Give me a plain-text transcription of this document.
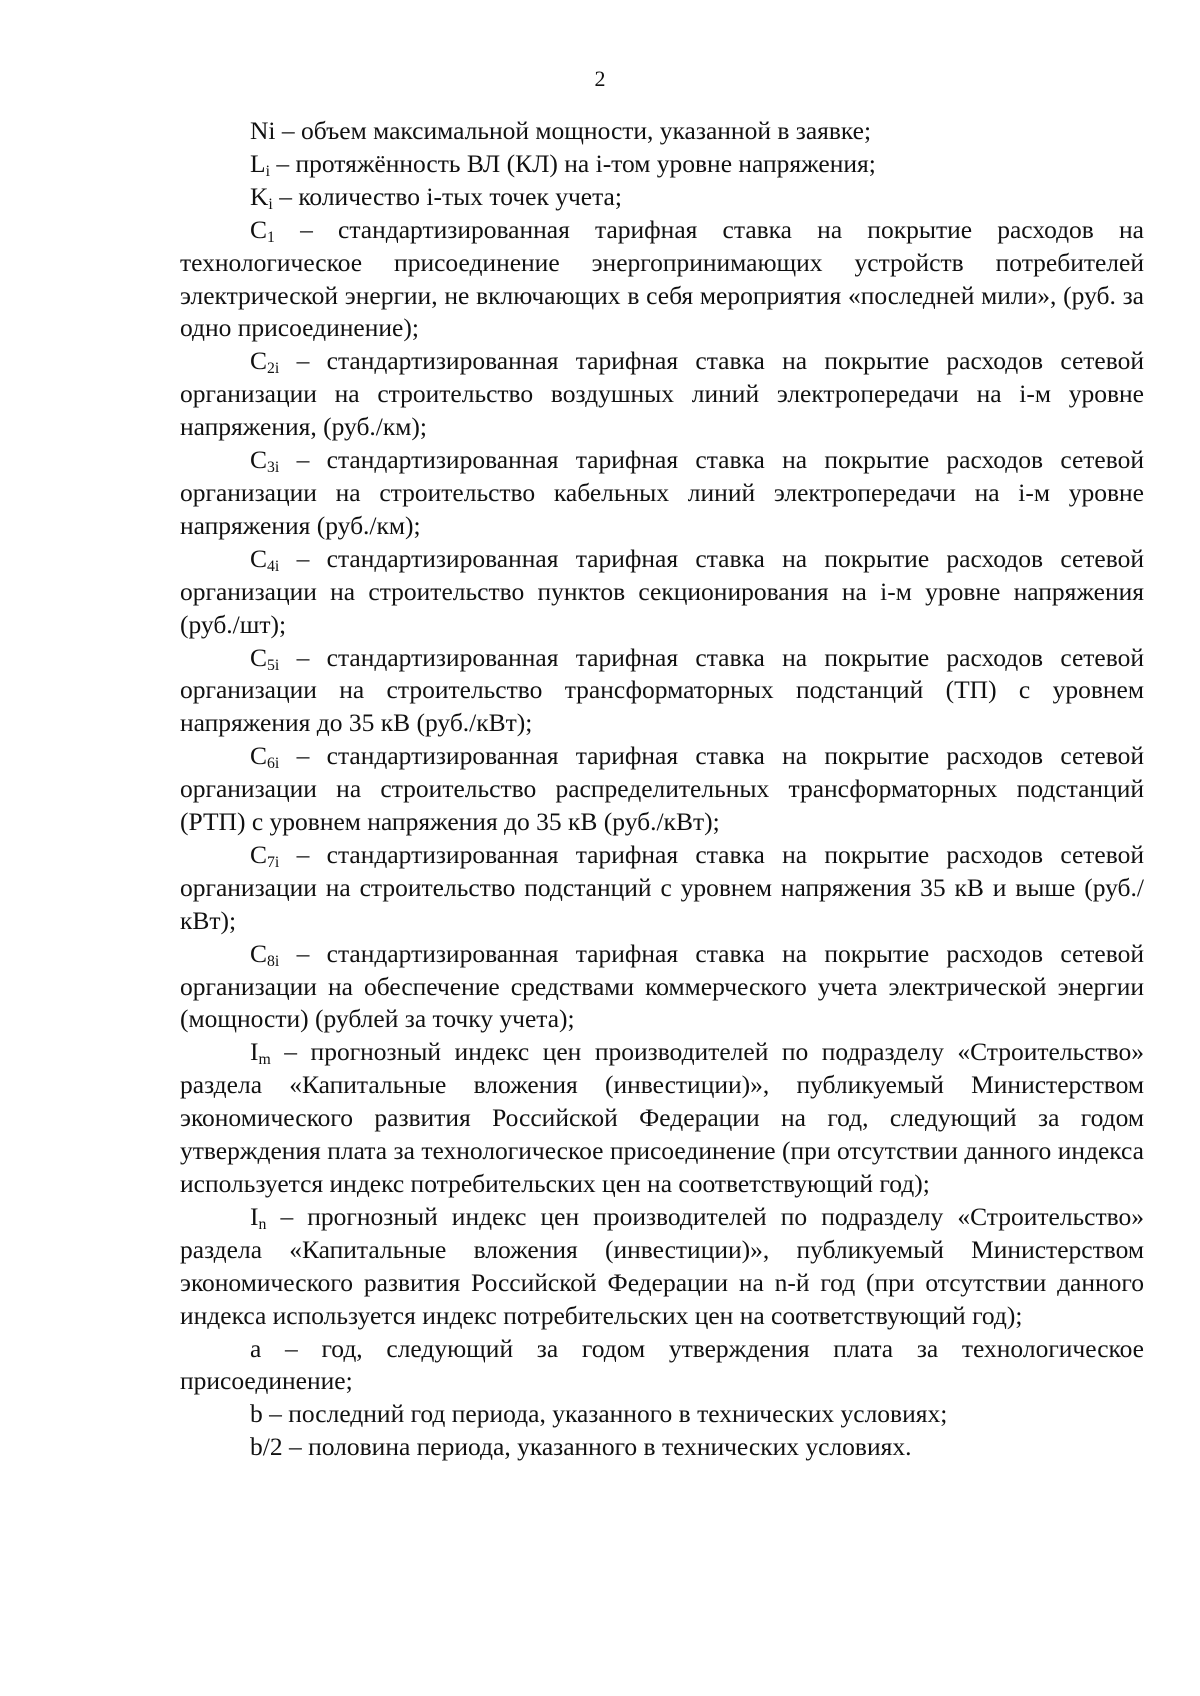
2

Ni – объем максимальной мощности, указанной в заявке;

$L_i$ – протяжённость ВЛ (КЛ) на i-том уровне напряжения;

$K_i$ – количество i-тых точек учета;

$C_1$ – стандартизированная тарифная ставка на покрытие расходов на технологическое присоединение энергопринимающих устройств потребителей электрической энергии, не включающих в себя мероприятия «последней мили», (руб. за одно присоединение);

$C_{2i}$ – стандартизированная тарифная ставка на покрытие расходов сетевой организации на строительство воздушных линий электропередачи на i-м уровне напряжения, (руб./км);

$C_{3i}$ – стандартизированная тарифная ставка на покрытие расходов сетевой организации на строительство кабельных линий электропередачи на i-м уровне напряжения (руб./км);

$C_{4i}$ – стандартизированная тарифная ставка на покрытие расходов сетевой организации на строительство пунктов секционирования на i-м уровне напряжения (руб./шт);

$C_{5i}$ – стандартизированная тарифная ставка на покрытие расходов сетевой организации на строительство трансформаторных подстанций (ТП) с уровнем напряжения до 35 кВ (руб./кВт);

$C_{6i}$ – стандартизированная тарифная ставка на покрытие расходов сетевой организации на строительство распределительных трансформаторных подстанций (РТП) с уровнем напряжения до 35 кВ (руб./кВт);

$C_{7i}$ – стандартизированная тарифная ставка на покрытие расходов сетевой организации на строительство подстанций с уровнем напряжения 35 кВ и выше (руб./кВт);

$C_{8i}$ – стандартизированная тарифная ставка на покрытие расходов сетевой организации на обеспечение средствами коммерческого учета электрической энергии (мощности) (рублей за точку учета);

$I_m$ – прогнозный индекс цен производителей по подразделу «Строительство» раздела «Капитальные вложения (инвестиции)», публикуемый Министерством экономического развития Российской Федерации на год, следующий за годом утверждения плата за технологическое присоединение (при отсутствии данного индекса используется индекс потребительских цен на соответствующий год);

$I_n$ – прогнозный индекс цен производителей по подразделу «Строительство» раздела «Капитальные вложения (инвестиции)», публикуемый Министерством экономического развития Российской Федерации на n-й год (при отсутствии данного индекса используется индекс потребительских цен на соответствующий год);

a – год, следующий за годом утверждения плата за технологическое присоединение;

b – последний год периода, указанного в технических условиях;

b/2 – половина периода, указанного в технических условиях.
